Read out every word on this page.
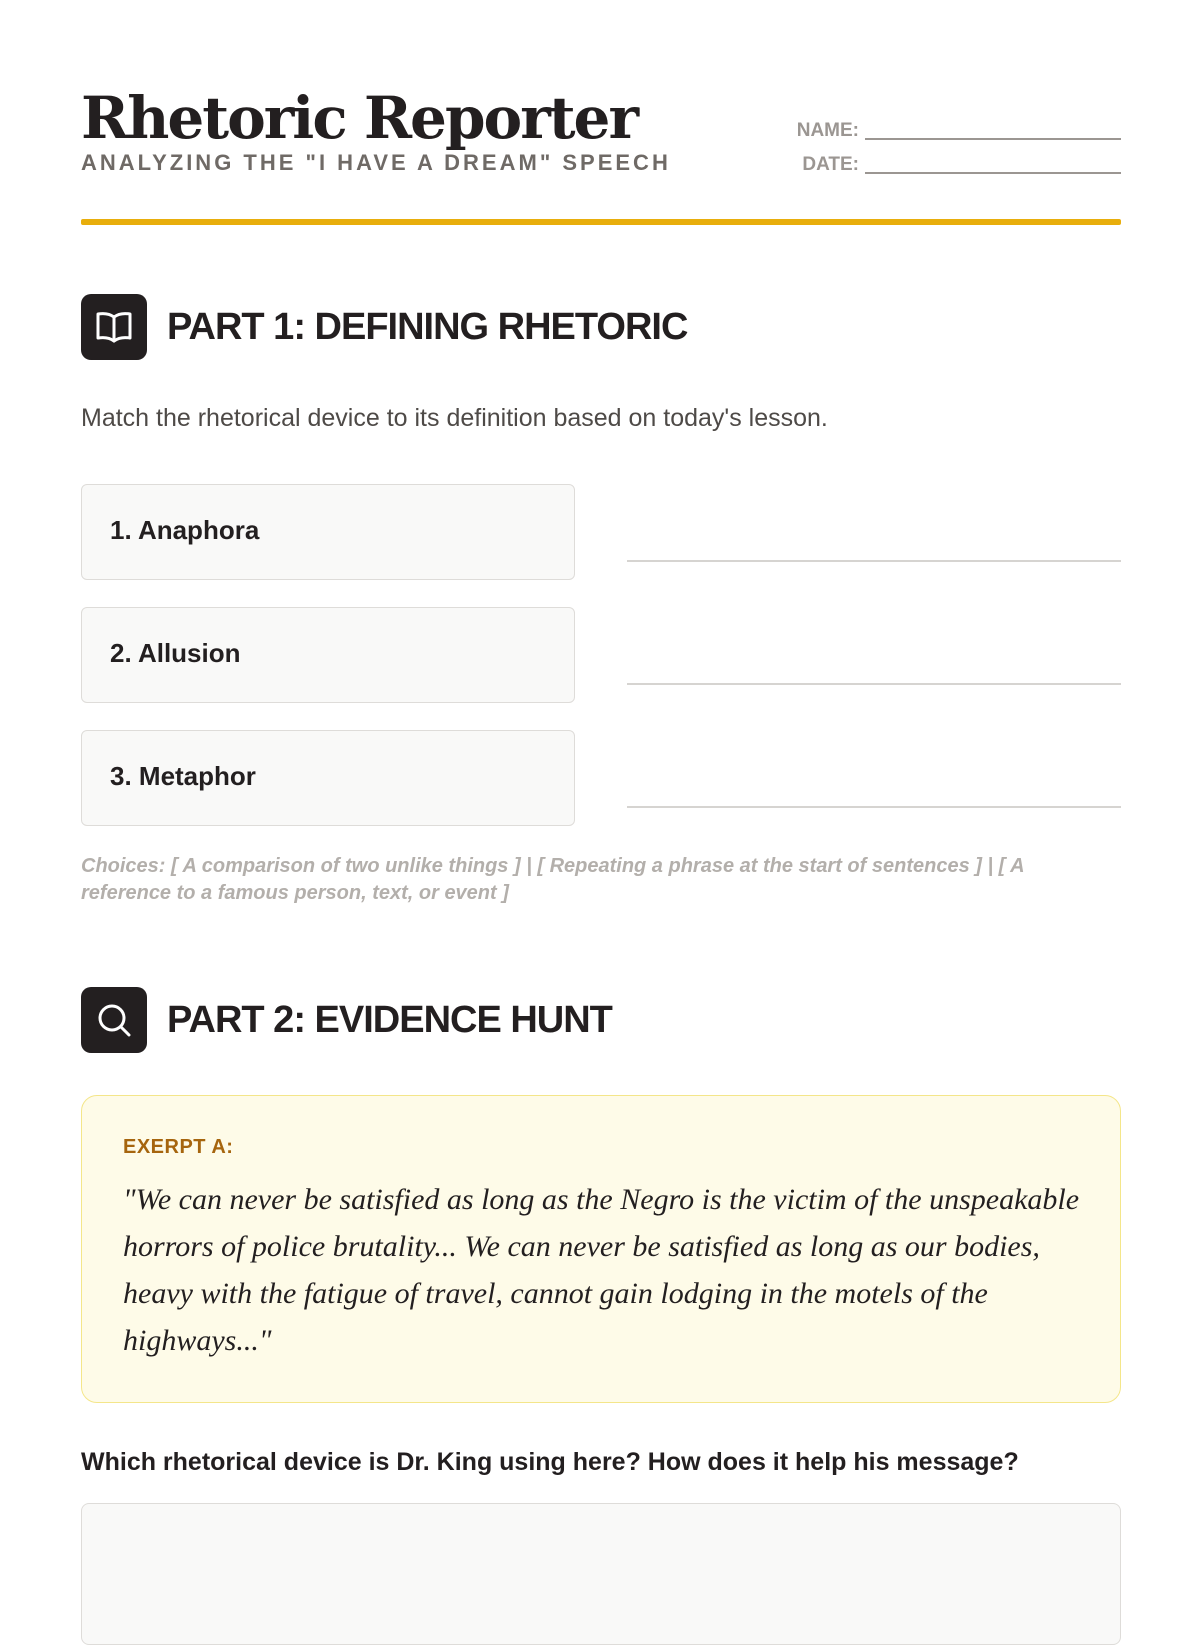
Rhetoric Reporter
ANALYZING THE "I HAVE A DREAM" SPEECH
NAME:
DATE:
PART 1: DEFINING RHETORIC
Match the rhetorical device to its definition based on today's lesson.
1. Anaphora
2. Allusion
3. Metaphor
Choices: [ A comparison of two unlike things ] | [ Repeating a phrase at the start of sentences ] | [ A reference to a famous person, text, or event ]
PART 2: EVIDENCE HUNT
EXERPT A:
"We can never be satisfied as long as the Negro is the victim of the unspeakable horrors of police brutality... We can never be satisfied as long as our bodies, heavy with the fatigue of travel, cannot gain lodging in the motels of the highways..."
Which rhetorical device is Dr. King using here? How does it help his message?
